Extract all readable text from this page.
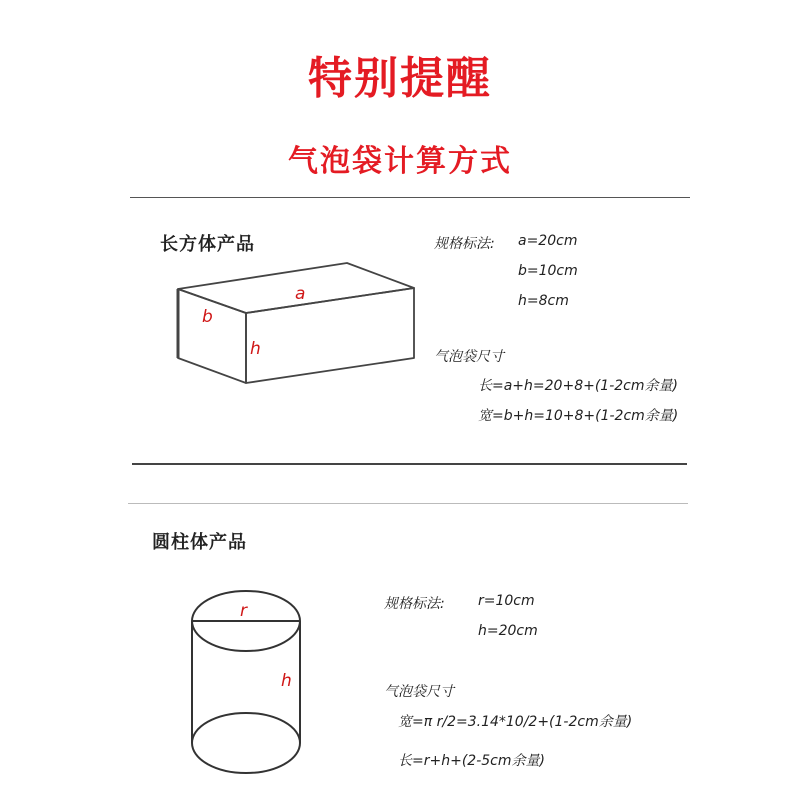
特别提醒
气泡袋计算方式
长方体产品
a
b
h
r
h
规格标法: a=20cm
b=10cm
h=8cm
气泡袋尺寸
长=a+h=20+8+(1-2cm余量)
宽=b+h=10+8+(1-2cm余量)
圆柱体产品
规格标法: r=10cm
h=20cm
气泡袋尺寸
宽=π r/2=3.14*10/2+(1-2cm余量)
长=r+h+(2-5cm余量)
